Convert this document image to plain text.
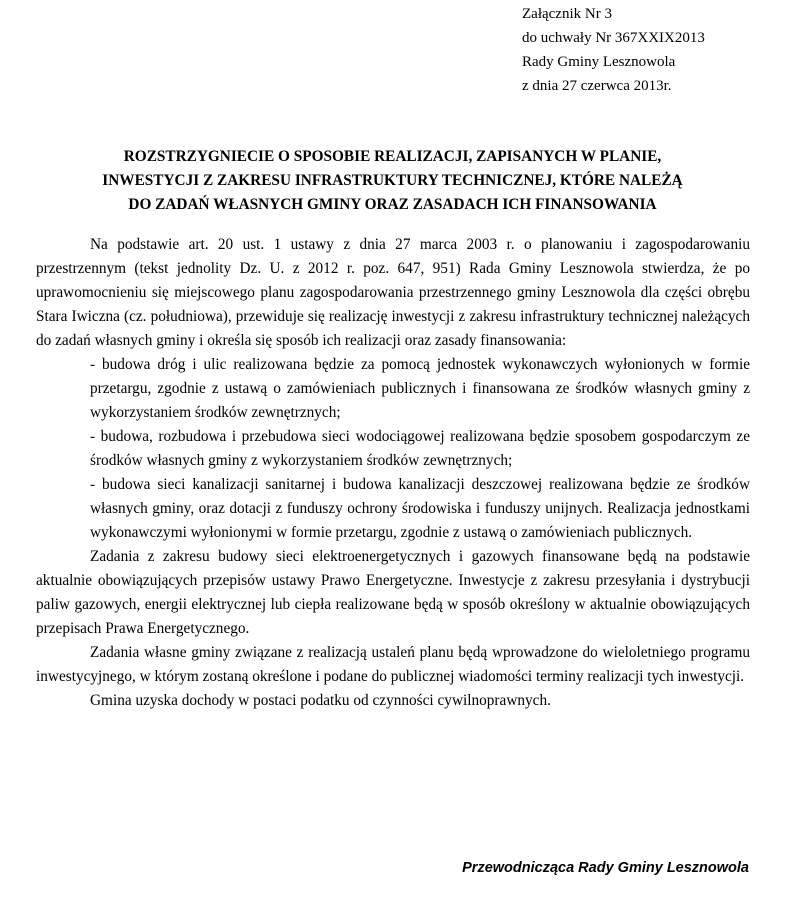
Załącznik Nr 3
do uchwały Nr 367XXIX2013
Rady Gminy Lesznowola
z dnia 27 czerwca 2013r.
ROZSTRZYGNIECIE O SPOSOBIE REALIZACJI, ZAPISANYCH W PLANIE,
INWESTYCJI Z ZAKRESU INFRASTRUKTURY TECHNICZNEJ, KTÓRE NALEŻĄ
DO ZADAŃ WŁASNYCH GMINY ORAZ ZASADACH ICH FINANSOWANIA

Na podstawie art. 20 ust. 1 ustawy z dnia 27 marca 2003 r. o planowaniu i zagospodarowaniu przestrzennym (tekst jednolity Dz. U. z 2012 r. poz. 647, 951) Rada Gminy Lesznowola stwierdza, że po uprawomocnieniu się miejscowego planu zagospodarowania przestrzennego gminy Lesznowola dla części obrębu Stara Iwiczna (cz. południowa), przewiduje się realizację inwestycji z zakresu infrastruktury technicznej należących do zadań własnych gminy i określa się sposób ich realizacji oraz zasady finansowania:

- budowa dróg i ulic realizowana będzie za pomocą jednostek wykonawczych wyłonionych w formie przetargu, zgodnie z ustawą o zamówieniach publicznych i finansowana ze środków własnych gminy z wykorzystaniem środków zewnętrznych;

- budowa, rozbudowa i przebudowa sieci wodociągowej realizowana będzie sposobem gospodarczym ze środków własnych gminy z wykorzystaniem środków zewnętrznych;

- budowa sieci kanalizacji sanitarnej i budowa kanalizacji deszczowej realizowana będzie ze środków własnych gminy, oraz dotacji z funduszy ochrony środowiska i funduszy unijnych. Realizacja jednostkami wykonawczymi wyłonionymi w formie przetargu, zgodnie z ustawą o zamówieniach publicznych.

Zadania z zakresu budowy sieci elektroenergetycznych i gazowych finansowane będą na podstawie aktualnie obowiązujących przepisów ustawy Prawo Energetyczne. Inwestycje z zakresu przesyłania i dystrybucji paliw gazowych, energii elektrycznej lub ciepła realizowane będą w sposób określony w aktualnie obowiązujących przepisach Prawa Energetycznego.

Zadania własne gminy związane z realizacją ustaleń planu będą wprowadzone do wieloletniego programu inwestycyjnego, w którym zostaną określone i podane do publicznej wiadomości terminy realizacji tych inwestycji.

Gmina uzyska dochody w postaci podatku od czynności cywilnoprawnych.

Przewodnicząca Rady Gminy Lesznowola
